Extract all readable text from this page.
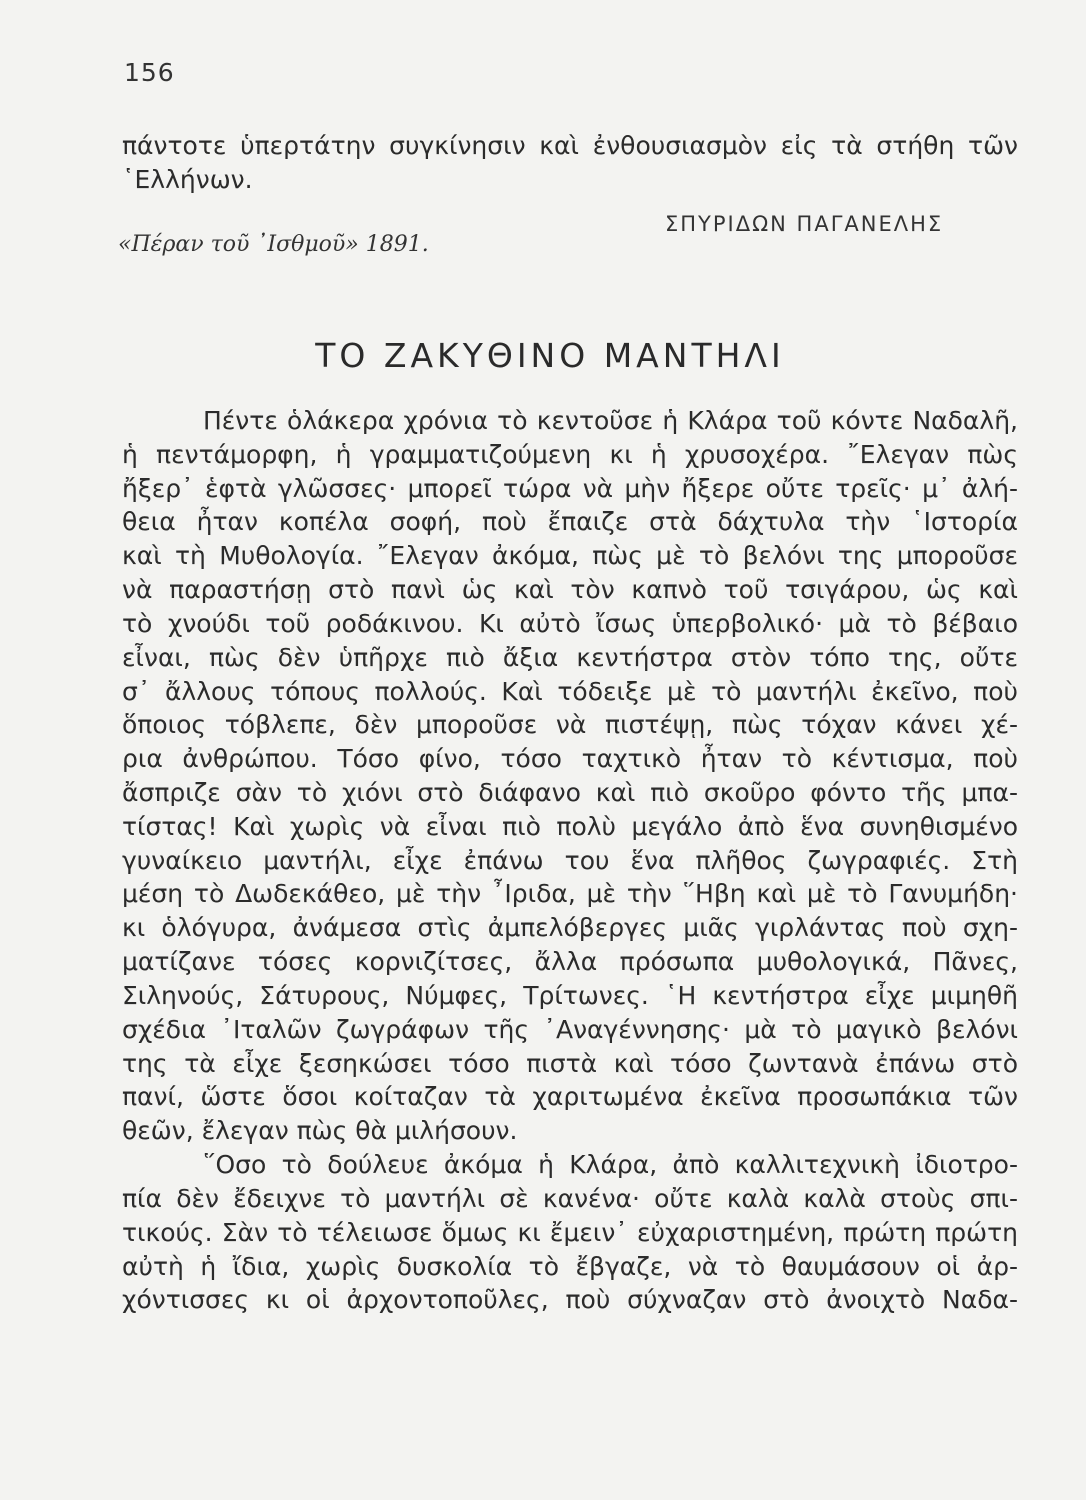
156
πάντοτε ὑπερτάτην συγκίνησιν καὶ ἐνθουσιασμὸν εἰς τὰ στήθη τῶν
῾Ελλήνων.
ΣΠΥΡΙΔΩΝ ΠΑΓΑΝΕΛΗΣ
«Πέραν τοῦ ᾿Ισθμοῦ» 1891.
ΤΟ ΖΑΚΥΘΙΝΟ ΜΑΝΤΗΛΙ
Πέντε ὁλάκερα χρόνια τὸ κεντοῦσε ἡ Κλάρα τοῦ κόντε Ναδαλῆ,
ἡ πεντάμορφη, ἡ γραμματιζούμενη κι ἡ χρυσοχέρα. ῎Ελεγαν πὼς
ἤξερ᾿ ἑφτὰ γλῶσσες· μπορεῖ τώρα νὰ μὴν ἤξερε οὔτε τρεῖς· μ᾿ ἀλή-
θεια ἦταν κοπέλα σοφή, ποὺ ἔπαιζε στὰ δάχτυλα τὴν ῾Ιστορία
καὶ τὴ Μυθολογία. ῎Ελεγαν ἀκόμα, πὼς μὲ τὸ βελόνι της μποροῦσε
νὰ παραστήσῃ στὸ πανὶ ὡς καὶ τὸν καπνὸ τοῦ τσιγάρου, ὡς καὶ
τὸ χνούδι τοῦ ροδάκινου. Κι αὐτὸ ἴσως ὑπερβολικό· μὰ τὸ βέβαιο
εἶναι, πὼς δὲν ὑπῆρχε πιὸ ἄξια κεντήστρα στὸν τόπο της, οὔτε
σ᾿ ἄλλους τόπους πολλούς. Καὶ τόδειξε μὲ τὸ μαντήλι ἐκεῖνο, ποὺ
ὅποιος τόβλεπε, δὲν μποροῦσε νὰ πιστέψῃ, πὼς τόχαν κάνει χέ-
ρια ἀνθρώπου. Τόσο φίνο, τόσο ταχτικὸ ἦταν τὸ κέντισμα, ποὺ
ἄσπριζε σὰν τὸ χιόνι στὸ διάφανο καὶ πιὸ σκοῦρο φόντο τῆς μπα-
τίστας! Καὶ χωρὶς νὰ εἶναι πιὸ πολὺ μεγάλο ἀπὸ ἕνα συνηθισμένο
γυναίκειο μαντήλι, εἶχε ἐπάνω του ἕνα πλῆθος ζωγραφιές. Στὴ
μέση τὸ Δωδεκάθεο, μὲ τὴν ῏Ιριδα, μὲ τὴν ῞Ηβη καὶ μὲ τὸ Γανυμήδη·
κι ὁλόγυρα, ἀνάμεσα στὶς ἀμπελόβεργες μιᾶς γιρλάντας ποὺ σχη-
ματίζανε τόσες κορνιζίτσες, ἄλλα πρόσωπα μυθολογικά, Πᾶνες,
Σιληνούς, Σάτυρους, Νύμφες, Τρίτωνες. ῾Η κεντήστρα εἶχε μιμηθῆ
σχέδια ᾿Ιταλῶν ζωγράφων τῆς ᾿Αναγέννησης· μὰ τὸ μαγικὸ βελόνι
της τὰ εἶχε ξεσηκώσει τόσο πιστὰ καὶ τόσο ζωντανὰ ἐπάνω στὸ
πανί, ὥστε ὅσοι κοίταζαν τὰ χαριτωμένα ἐκεῖνα προσωπάκια τῶν
θεῶν, ἔλεγαν πὼς θὰ μιλήσουν.
῞Οσο τὸ δούλευε ἀκόμα ἡ Κλάρα, ἀπὸ καλλιτεχνικὴ ἰδιοτρο-
πία δὲν ἔδειχνε τὸ μαντήλι σὲ κανένα· οὔτε καλὰ καλὰ στοὺς σπι-
τικούς. Σὰν τὸ τέλειωσε ὅμως κι ἔμειν᾿ εὐχαριστημένη, πρώτη πρώτη
αὐτὴ ἡ ἴδια, χωρὶς δυσκολία τὸ ἔβγαζε, νὰ τὸ θαυμάσουν οἱ ἀρ-
χόντισσες κι οἱ ἀρχοντοποῦλες, ποὺ σύχναζαν στὸ ἀνοιχτὸ Ναδα-
